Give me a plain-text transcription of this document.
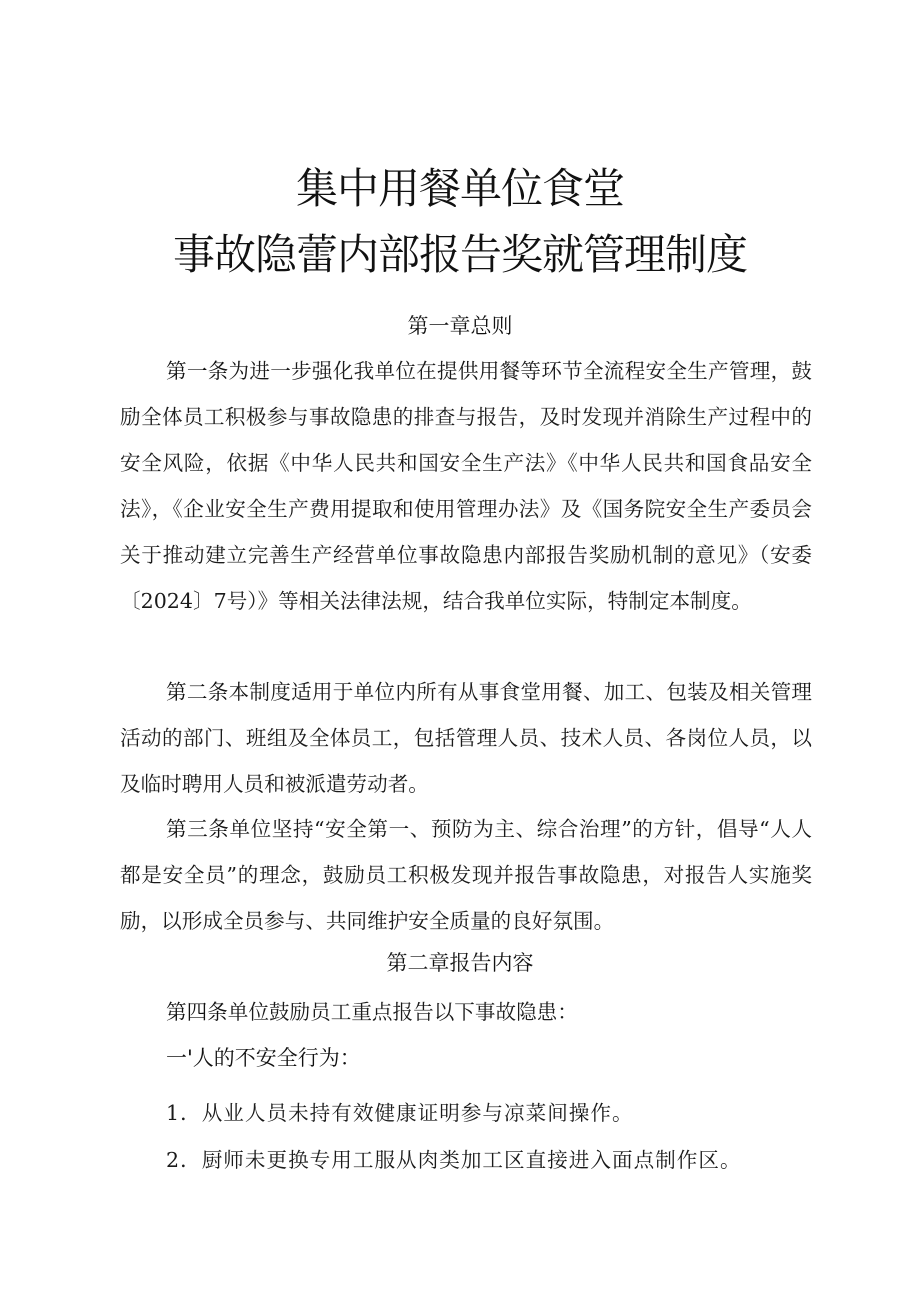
集中用餐单位食堂
事故隐蕾内部报告奖就管理制度
第一章总则

第一条为进一步强化我单位在提供用餐等环节全流程安全生产管理，鼓励全体员工积极参与事故隐患的排查与报告，及时发现并消除生产过程中的安全风险，依据《中华人民共和国安全生产法》《中华人民共和国食品安全法》，《企业安全生产费用提取和使用管理办法》及《国务院安全生产委员会关于推动建立完善生产经营单位事故隐患内部报告奖励机制的意见》（安委〔2024〕7号）》等相关法律法规，结合我单位实际，特制定本制度。

第二条本制度适用于单位内所有从事食堂用餐、加工、包装及相关管理活动的部门、班组及全体员工，包括管理人员、技术人员、各岗位人员，以及临时聘用人员和被派遣劳动者。

第三条单位坚持“安全第一、预防为主、综合治理”的方针，倡导“人人都是安全员”的理念，鼓励员工积极发现并报告事故隐患，对报告人实施奖励，以形成全员参与、共同维护安全质量的良好氛围。

第二章报告内容
第四条单位鼓励员工重点报告以下事故隐患：
一'人的不安全行为：
1．从业人员未持有效健康证明参与凉菜间操作。
2．厨师未更换专用工服从肉类加工区直接进入面点制作区。
